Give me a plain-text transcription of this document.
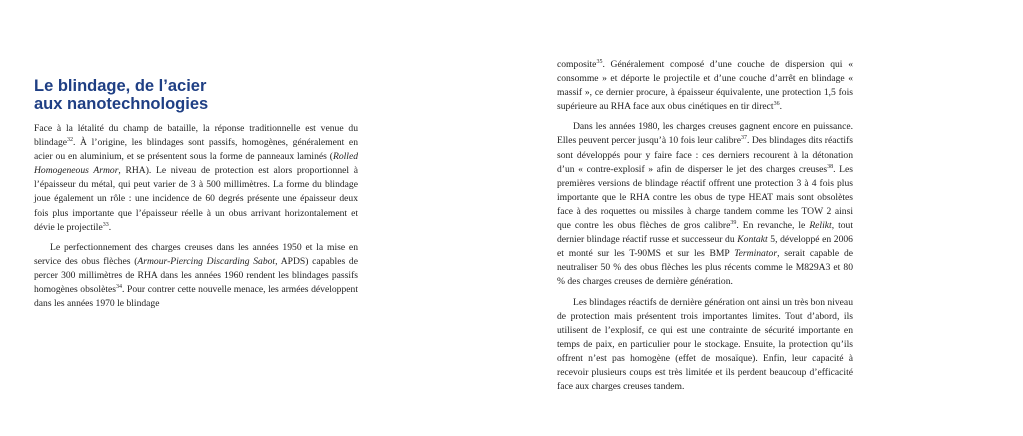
Le blindage, de l’acier
aux nanotechnologies

Face à la létalité du champ de bataille, la réponse traditionnelle est venue du blindage$^{32}$. À l’origine, les blindages sont passifs, homogènes, généralement en acier ou en aluminium, et se présentent sous la forme de panneaux laminés (Rolled Homogeneous Armor, RHA). Le niveau de protection est alors proportionnel à l’épaisseur du métal, qui peut varier de 3 à 500 millimètres. La forme du blindage joue également un rôle : une incidence de 60 degrés présente une épaisseur deux fois plus importante que l’épaisseur réelle à un obus arrivant horizontalement et dévie le projectile$^{33}$.

Le perfectionnement des charges creuses dans les années 1950 et la mise en service des obus flèches (Armour-Piercing Discarding Sabot, APDS) capables de percer 300 millimètres de RHA dans les années 1960 rendent les blindages passifs homogènes obsolètes$^{34}$. Pour contrer cette nouvelle menace, les armées développent dans les années 1970 le blindage

composite$^{35}$. Généralement composé d’une couche de dispersion qui « consomme » et déporte le projectile et d’une couche d’arrêt en blindage « massif », ce dernier procure, à épaisseur équivalente, une protection 1,5 fois supérieure au RHA face aux obus cinétiques en tir direct$^{36}$.

Dans les années 1980, les charges creuses gagnent encore en puissance. Elles peuvent percer jusqu’à 10 fois leur calibre$^{37}$. Des blindages dits réactifs sont développés pour y faire face : ces derniers recourent à la détonation d’un « contre-explosif » afin de disperser le jet des charges creuses$^{38}$. Les premières versions de blindage réactif offrent une protection 3 à 4 fois plus importante que le RHA contre les obus de type HEAT mais sont obsolètes face à des roquettes ou missiles à charge tandem comme les TOW 2 ainsi que contre les obus flèches de gros calibre$^{39}$. En revanche, le Relikt, tout dernier blindage réactif russe et successeur du Kontakt 5, développé en 2006 et monté sur les T-90MS et sur les BMP Terminator, serait capable de neutraliser 50 % des obus flèches les plus récents comme le M829A3 et 80 % des charges creuses de dernière génération.

Les blindages réactifs de dernière génération ont ainsi un très bon niveau de protection mais présentent trois importantes limites. Tout d’abord, ils utilisent de l’explosif, ce qui est une contrainte de sécurité importante en temps de paix, en particulier pour le stockage. Ensuite, la protection qu’ils offrent n’est pas homogène (effet de mosaïque). Enfin, leur capacité à recevoir plusieurs coups est très limitée et ils perdent beaucoup d’efficacité face aux charges creuses tandem.
